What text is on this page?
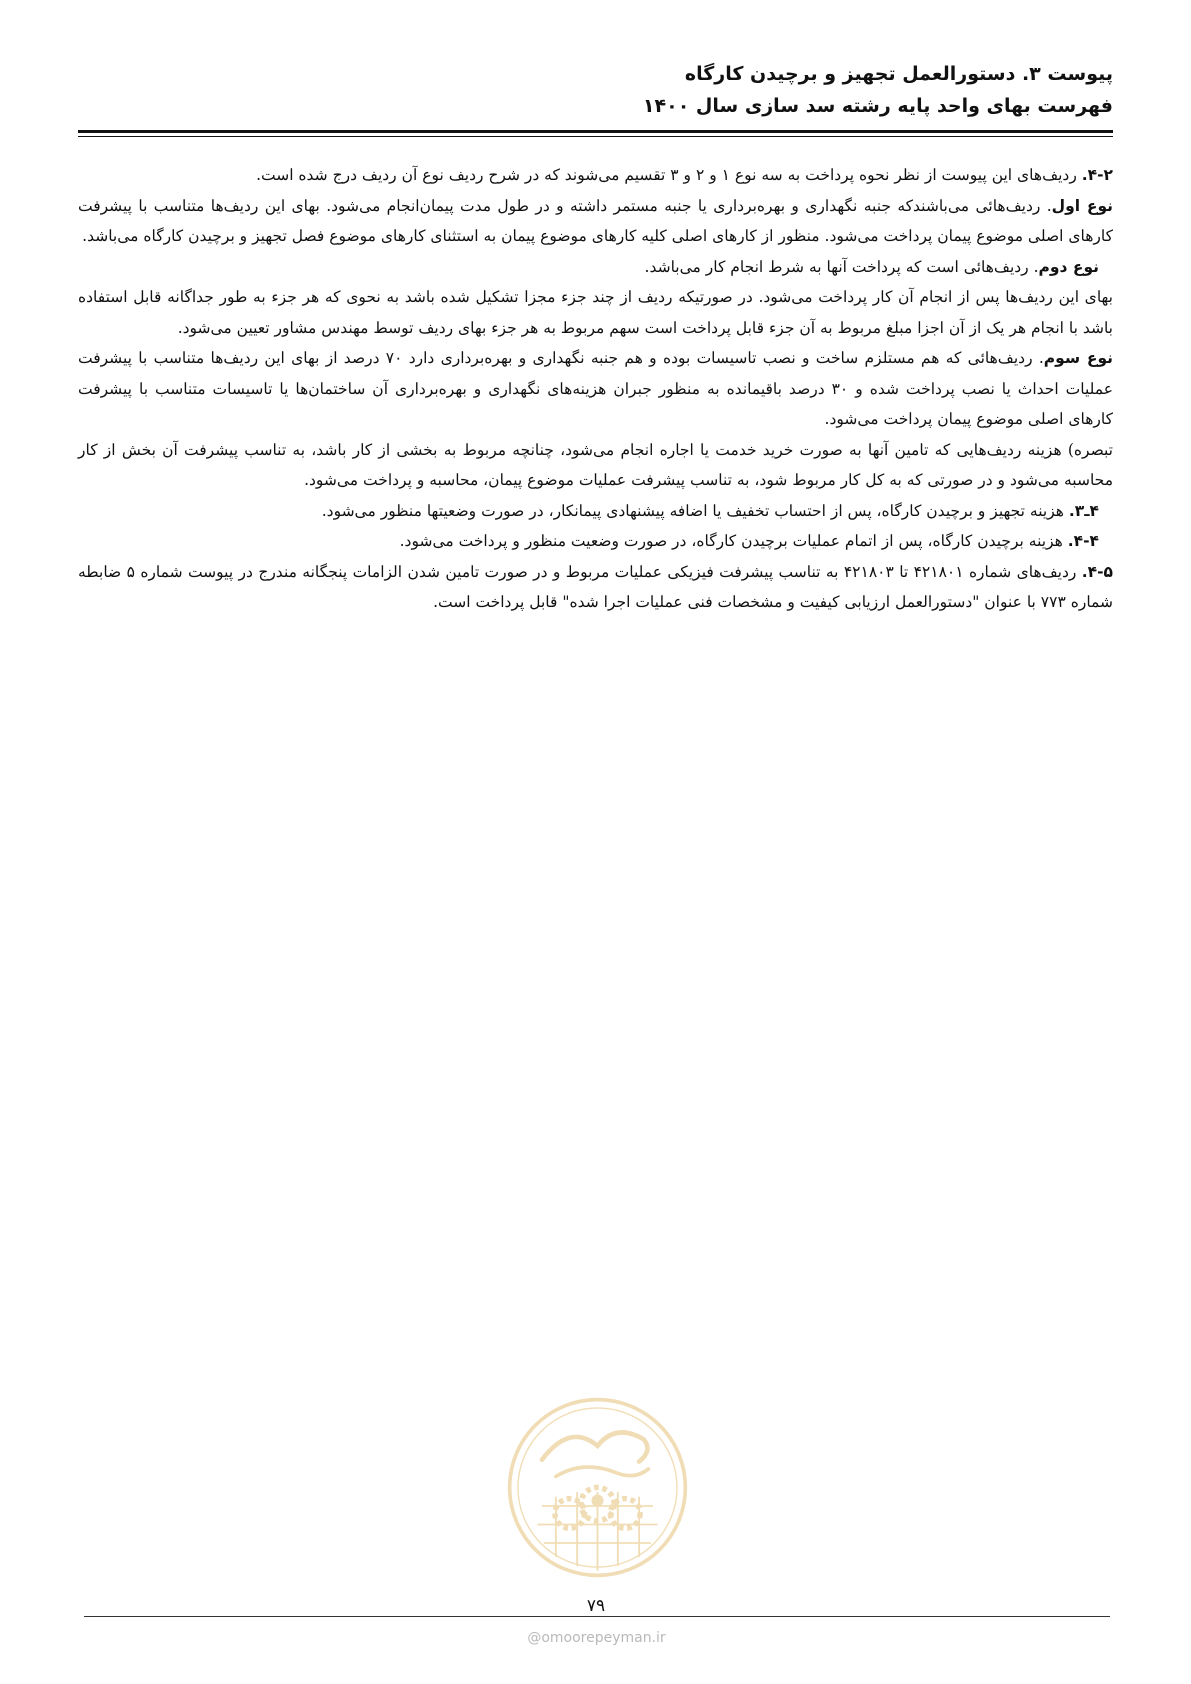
پیوست ۳. دستورالعمل تجهیز و برچیدن کارگاه
فهرست بهای واحد پایه رشته سد سازی سال ۱۴۰۰

۴-۲. ردیف‌های این پیوست از نظر نحوه پرداخت به سه نوع ۱ و ۲ و ۳ تقسیم می‌شوند که در شرح ردیف نوع آن ردیف درج شده است.

نوع اول. ردیف‌هائی می‌باشندکه جنبه نگهداری و بهره‌برداری یا جنبه مستمر داشته و در طول مدت پیمان‌انجام می‌شود. بهای این ردیف‌ها متناسب با پیشرفت کارهای اصلی موضوع پیمان پرداخت می‌شود. منظور از کارهای اصلی کلیه کارهای موضوع پیمان به استثنای کارهای موضوع فصل تجهیز و برچیدن کارگاه می‌باشد.

نوع دوم. ردیف‌هائی است که پرداخت آنها به شرط انجام کار می‌باشد.

بهای این ردیف‌ها پس از انجام آن کار پرداخت می‌شود. در صورتیکه ردیف از چند جزء مجزا تشکیل شده باشد به نحوی که هر جزء به طور جداگانه قابل استفاده باشد با انجام هر یک از آن اجزا مبلغ مربوط به آن جزء قابل پرداخت است سهم مربوط به هر جزء بهای ردیف توسط مهندس مشاور تعیین می‌شود.

نوع سوم. ردیف‌هائی که هم مستلزم ساخت و نصب تاسیسات بوده و هم جنبه نگهداری و بهره‌برداری دارد ۷۰ درصد از بهای این ردیف‌ها متناسب با پیشرفت عملیات احداث یا نصب پرداخت شده و ۳۰ درصد باقیمانده به منظور جبران هزینه‌های نگهداری و بهره‌برداری آن ساختمان‌ها یا تاسیسات متناسب با پیشرفت کارهای اصلی موضوع پیمان پرداخت می‌شود.

تبصره) هزینه ردیف‌هایی که تامین آنها به صورت خرید خدمت یا اجاره انجام می‌شود، چنانچه مربوط به بخشی از کار باشد، به تناسب پیشرفت آن بخش از کار محاسبه می‌شود و در صورتی که به کل کار مربوط شود، به تناسب پیشرفت عملیات موضوع پیمان، محاسبه و پرداخت می‌شود.

۴ـ۳. هزینه تجهیز و برچیدن کارگاه، پس از احتساب تخفیف یا اضافه پیشنهادی پیمانکار، در صورت وضعیتها منظور می‌شود.

۴-۴. هزینه برچیدن کارگاه، پس از اتمام عملیات برچیدن کارگاه، در صورت وضعیت منظور و پرداخت می‌شود.

۴-۵. ردیف‌های شماره ۴۲۱۸۰۱ تا ۴۲۱۸۰۳ به تناسب پیشرفت فیزیکی عملیات مربوط و در صورت تامین شدن الزامات پنجگانه مندرج در پیوست شماره ۵ ضابطه شماره ۷۷۳ با عنوان "دستورالعمل ارزیابی کیفیت و مشخصات فنی عملیات اجرا شده" قابل پرداخت است.

۷۹
@omoorepeyman.ir
